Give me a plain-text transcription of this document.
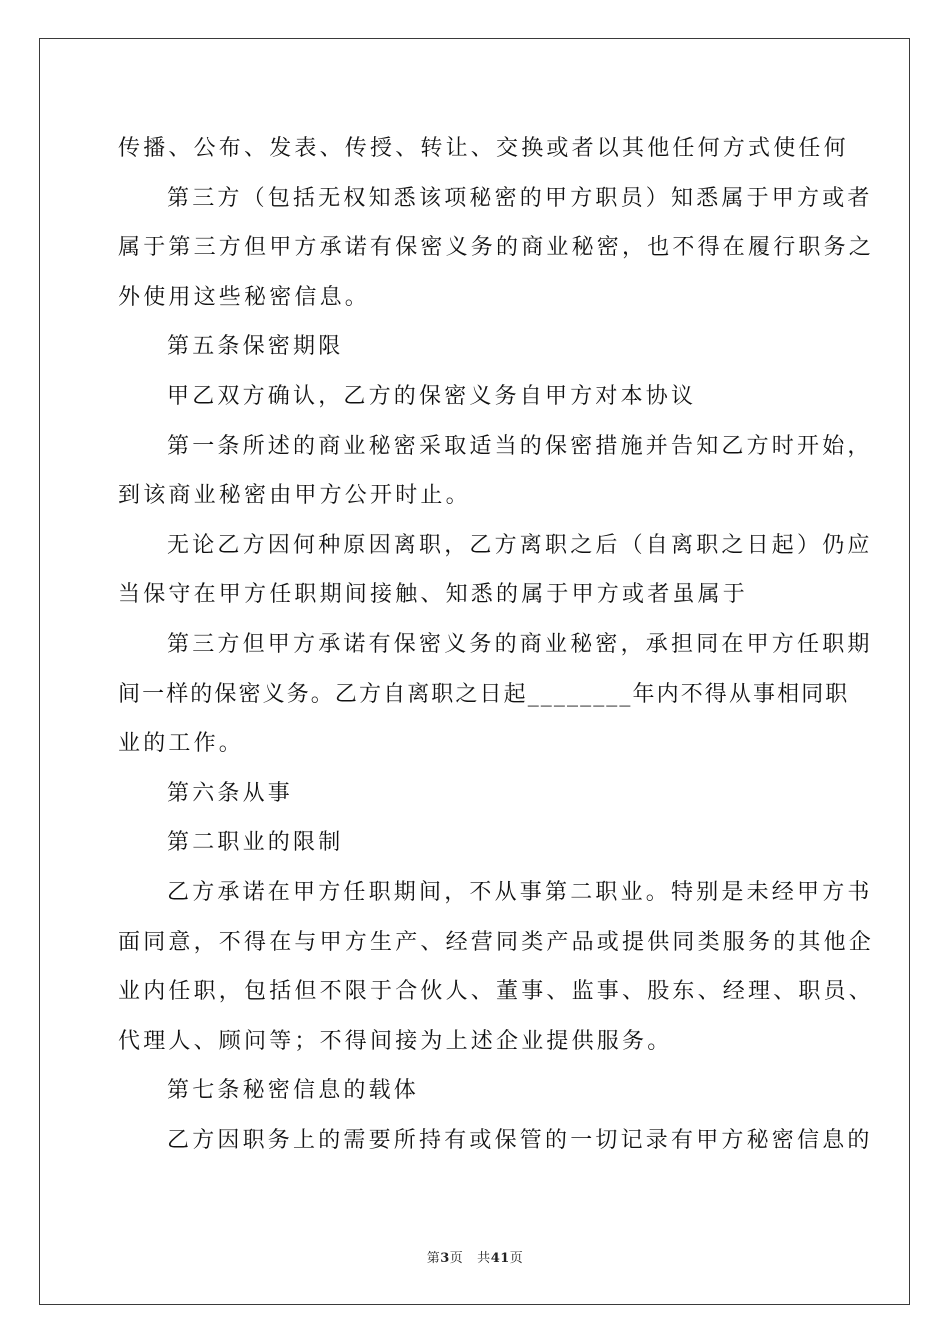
传播、公布、发表、传授、转让、交换或者以其他任何方式使任何
第三方（包括无权知悉该项秘密的甲方职员）知悉属于甲方或者
属于第三方但甲方承诺有保密义务的商业秘密，也不得在履行职务之
外使用这些秘密信息。
第五条保密期限
甲乙双方确认，乙方的保密义务自甲方对本协议
第一条所述的商业秘密采取适当的保密措施并告知乙方时开始，
到该商业秘密由甲方公开时止。
无论乙方因何种原因离职，乙方离职之后（自离职之日起）仍应
当保守在甲方任职期间接触、知悉的属于甲方或者虽属于
第三方但甲方承诺有保密义务的商业秘密，承担同在甲方任职期
间一样的保密义务。乙方自离职之日起________年内不得从事相同职
业的工作。
第六条从事
第二职业的限制
乙方承诺在甲方任职期间，不从事第二职业。特别是未经甲方书
面同意，不得在与甲方生产、经营同类产品或提供同类服务的其他企
业内任职，包括但不限于合伙人、董事、监事、股东、经理、职员、
代理人、顾问等；不得间接为上述企业提供服务。
第七条秘密信息的载体
乙方因职务上的需要所持有或保管的一切记录有甲方秘密信息的
第3页 共41页
